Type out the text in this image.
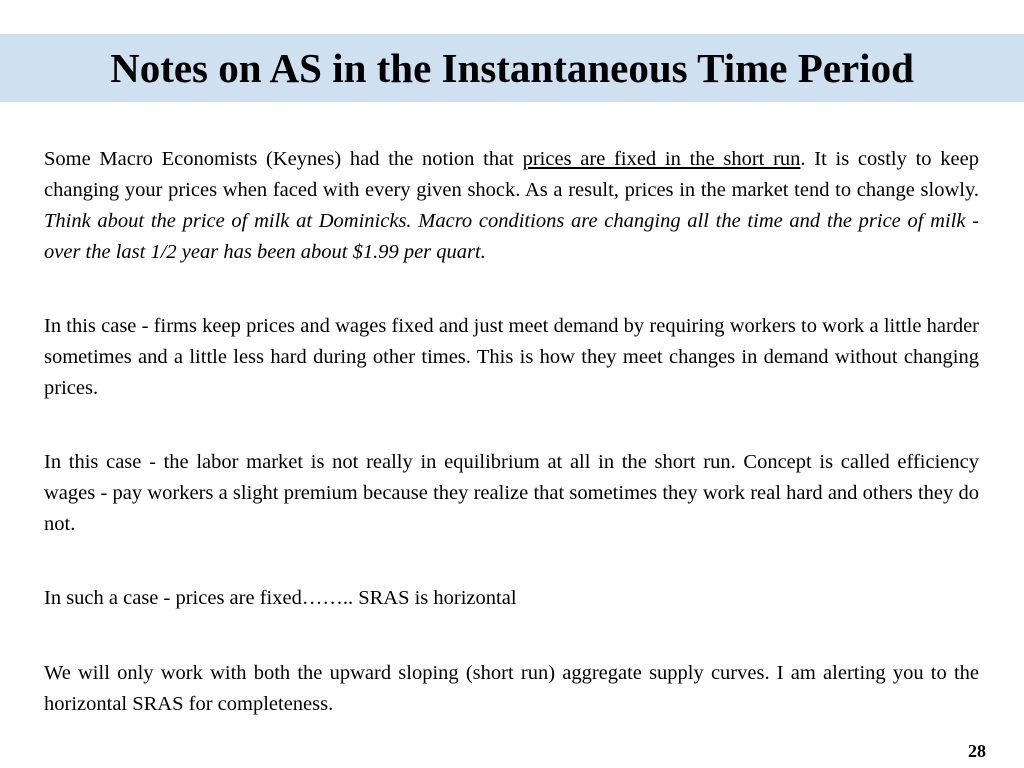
Notes on AS in the Instantaneous Time Period

Some Macro Economists (Keynes) had the notion that prices are fixed in the short run. It is costly to keep changing your prices when faced with every given shock. As a result, prices in the market tend to change slowly. Think about the price of milk at Dominicks. Macro conditions are changing all the time and the price of milk - over the last 1/2 year has been about $1.99 per quart.

In this case - firms keep prices and wages fixed and just meet demand by requiring workers to work a little harder sometimes and a little less hard during other times. This is how they meet changes in demand without changing prices.

In this case - the labor market is not really in equilibrium at all in the short run. Concept is called efficiency wages - pay workers a slight premium because they realize that sometimes they work real hard and others they do not.

In such a case - prices are fixed…….. SRAS is horizontal

We will only work with both the upward sloping (short run) aggregate supply curves. I am alerting you to the horizontal SRAS for completeness.

28
